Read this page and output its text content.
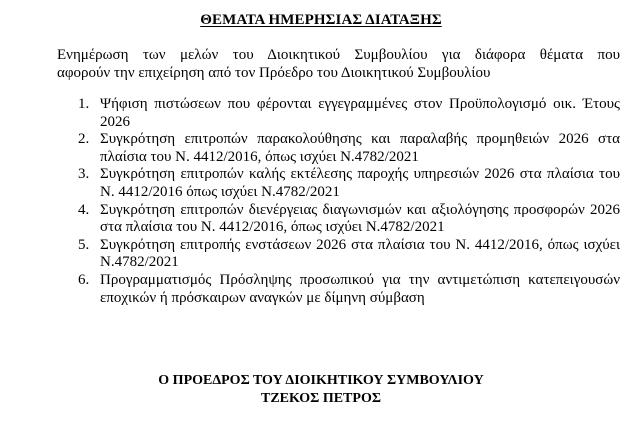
ΘΕΜΑΤΑ ΗΜΕΡΗΣΙΑΣ ΔΙΑΤΑΞΗΣ
Ενημέρωση των μελών του Διοικητικού Συμβουλίου για διάφορα θέματα που
αφορούν την επιχείρηση από τον Πρόεδρο του Διοικητικού Συμβουλίου
1. Ψήφιση πιστώσεων που φέρονται εγγεγραμμένες στον Προϋπολογισμό οικ. Έτους 2026
2. Συγκρότηση επιτροπών παρακολούθησης και παραλαβής προμηθειών 2026 στα πλαίσια του Ν. 4412/2016, όπως ισχύει Ν.4782/2021
3. Συγκρότηση επιτροπών καλής εκτέλεσης παροχής υπηρεσιών 2026 στα πλαίσια του Ν. 4412/2016 όπως ισχύει Ν.4782/2021
4. Συγκρότηση επιτροπών διενέργειας διαγωνισμών και αξιολόγησης προσφορών 2026 στα πλαίσια του Ν. 4412/2016, όπως ισχύει Ν.4782/2021
5. Συγκρότηση επιτροπής ενστάσεων 2026 στα πλαίσια του Ν. 4412/2016, όπως ισχύει Ν.4782/2021
6. Προγραμματισμός Πρόσληψης προσωπικού για την αντιμετώπιση κατεπειγουσών εποχικών ή πρόσκαιρων αναγκών με δίμηνη σύμβαση
Ο ΠΡΟΕΔΡΟΣ ΤΟΥ ΔΙΟΙΚΗΤΙΚΟΥ ΣΥΜΒΟΥΛΙΟΥ
ΤΖΕΚΟΣ ΠΕΤΡΟΣ
